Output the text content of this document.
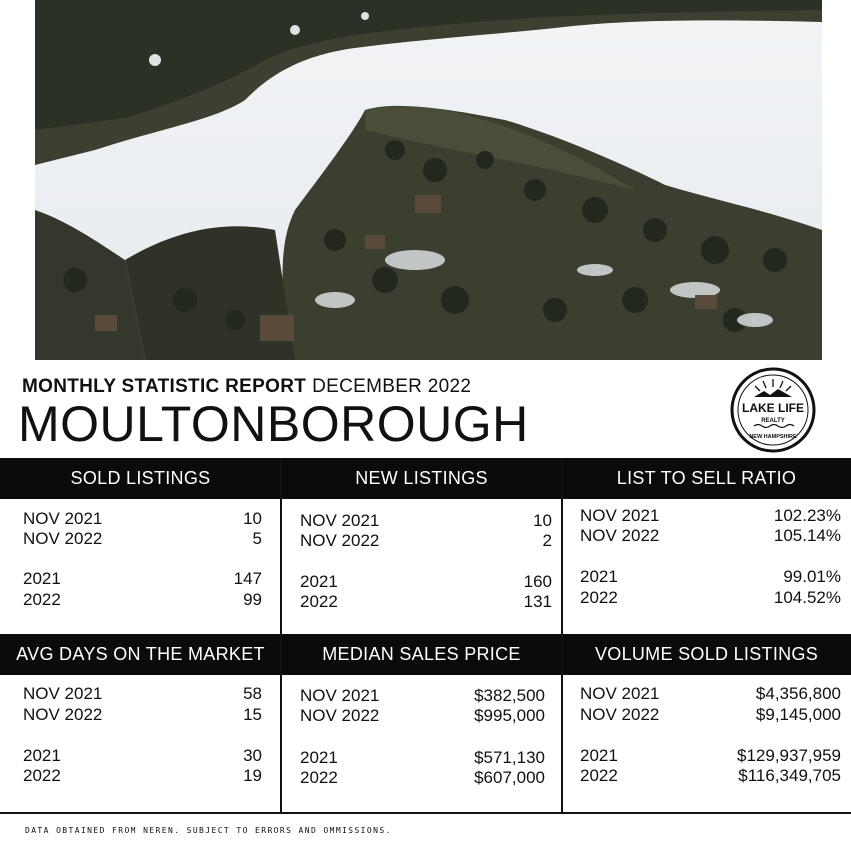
MONTHLY STATISTIC REPORT DECEMBER 2022
MOULTONBOROUGH	LAKE LIFE
REALTY
NEW HAMPSHIRE
SOLD LISTINGS	NEW LISTINGS	LIST TO SELL RATIO
AVG DAYS ON THE MARKET	MEDIAN SALES PRICE	VOLUME SOLD LISTINGS
NOV 2021	10
NOV 2022	5
2021	147
2022	99
NOV 2021	10
NOV 2022	2
2021	160
2022	131
NOV 2021	102.23%
NOV 2022	105.14%
2021	99.01%
2022	104.52%
NOV 2021	58
NOV 2022	15
2021	30
2022	19
NOV 2021	$382,500
NOV 2022	$995,000
2021	$571,130
2022	$607,000
NOV 2021	$4,356,800
NOV 2022	$9,145,000
2021	$129,937,959
2022	$116,349,705
DATA OBTAINED FROM NEREN. SUBJECT TO ERRORS AND OMMISSIONS.
